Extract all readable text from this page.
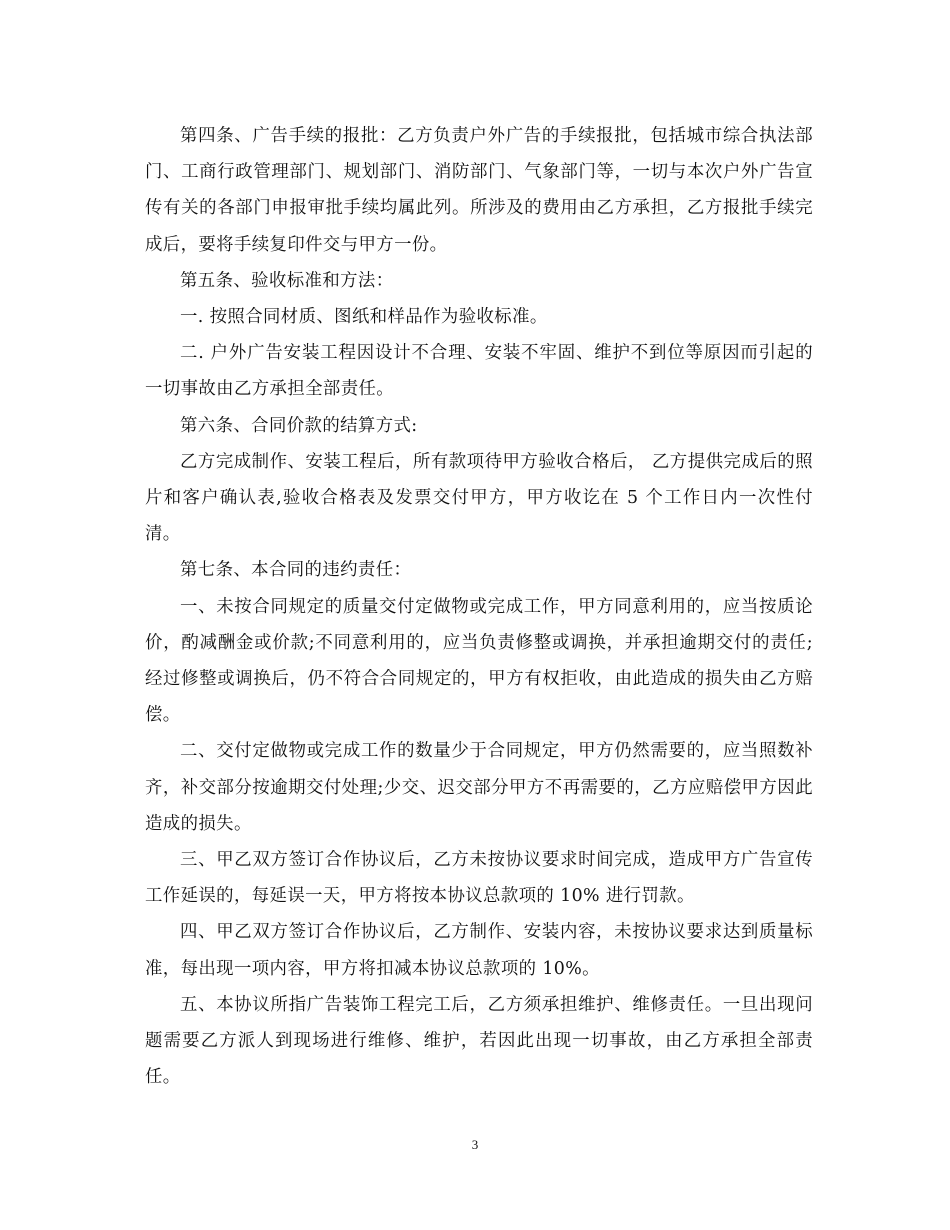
第四条、广告手续的报批：乙方负责户外广告的手续报批，包括城市综合执法部门、工商行政管理部门、规划部门、消防部门、气象部门等，一切与本次户外广告宣传有关的各部门申报审批手续均属此列。所涉及的费用由乙方承担，乙方报批手续完成后，要将手续复印件交与甲方一份。

第五条、验收标准和方法：

一. 按照合同材质、图纸和样品作为验收标准。

二. 户外广告安装工程因设计不合理、安装不牢固、维护不到位等原因而引起的一切事故由乙方承担全部责任。

第六条、合同价款的结算方式:

乙方完成制作、安装工程后，所有款项待甲方验收合格后， 乙方提供完成后的照片和客户确认表,验收合格表及发票交付甲方，甲方收讫在 5 个工作日内一次性付清。

第七条、本合同的违约责任：

一、未按合同规定的质量交付定做物或完成工作，甲方同意利用的，应当按质论价，酌减酬金或价款;不同意利用的，应当负责修整或调换，并承担逾期交付的责任;经过修整或调换后，仍不符合合同规定的，甲方有权拒收，由此造成的损失由乙方赔偿。

二、交付定做物或完成工作的数量少于合同规定，甲方仍然需要的，应当照数补齐，补交部分按逾期交付处理;少交、迟交部分甲方不再需要的，乙方应赔偿甲方因此造成的损失。

三、甲乙双方签订合作协议后，乙方未按协议要求时间完成，造成甲方广告宣传工作延误的，每延误一天，甲方将按本协议总款项的 10% 进行罚款。

四、甲乙双方签订合作协议后，乙方制作、安装内容，未按协议要求达到质量标准，每出现一项内容，甲方将扣减本协议总款项的 10%。

五、本协议所指广告装饰工程完工后，乙方须承担维护、维修责任。一旦出现问题需要乙方派人到现场进行维修、维护，若因此出现一切事故，由乙方承担全部责任。

3
